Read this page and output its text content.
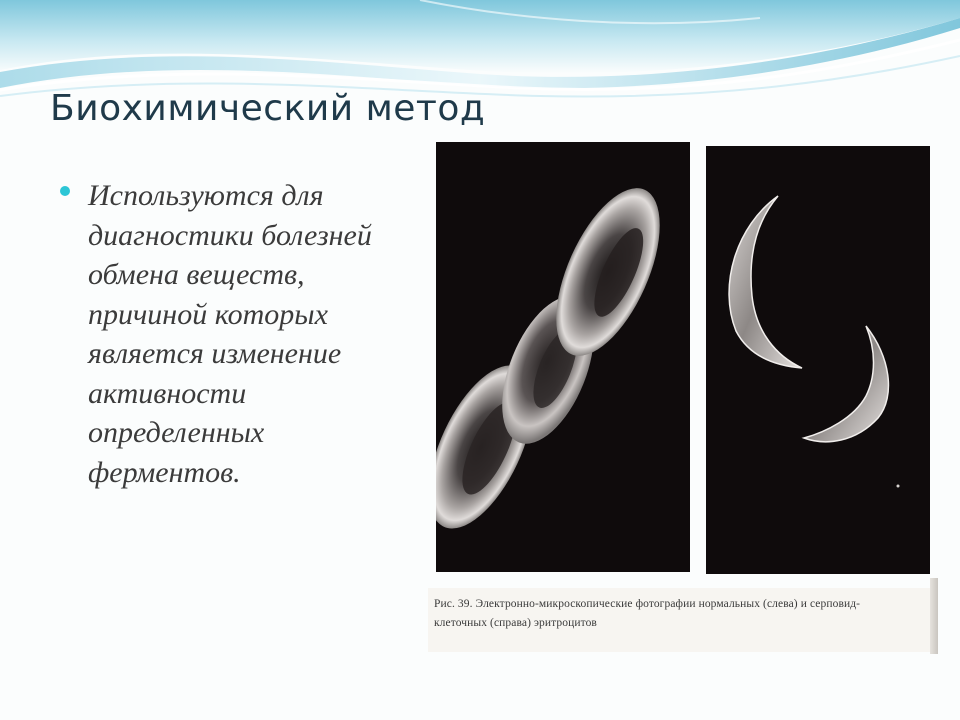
Биохимический метод
Используются для диагностики болезней обмена веществ, причиной которых является изменение активности определенных ферментов.
Рис. 39. Электронно-микроскопические фотографии нормальных (слева) и серповид-
клеточных (справа) эритроцитов
